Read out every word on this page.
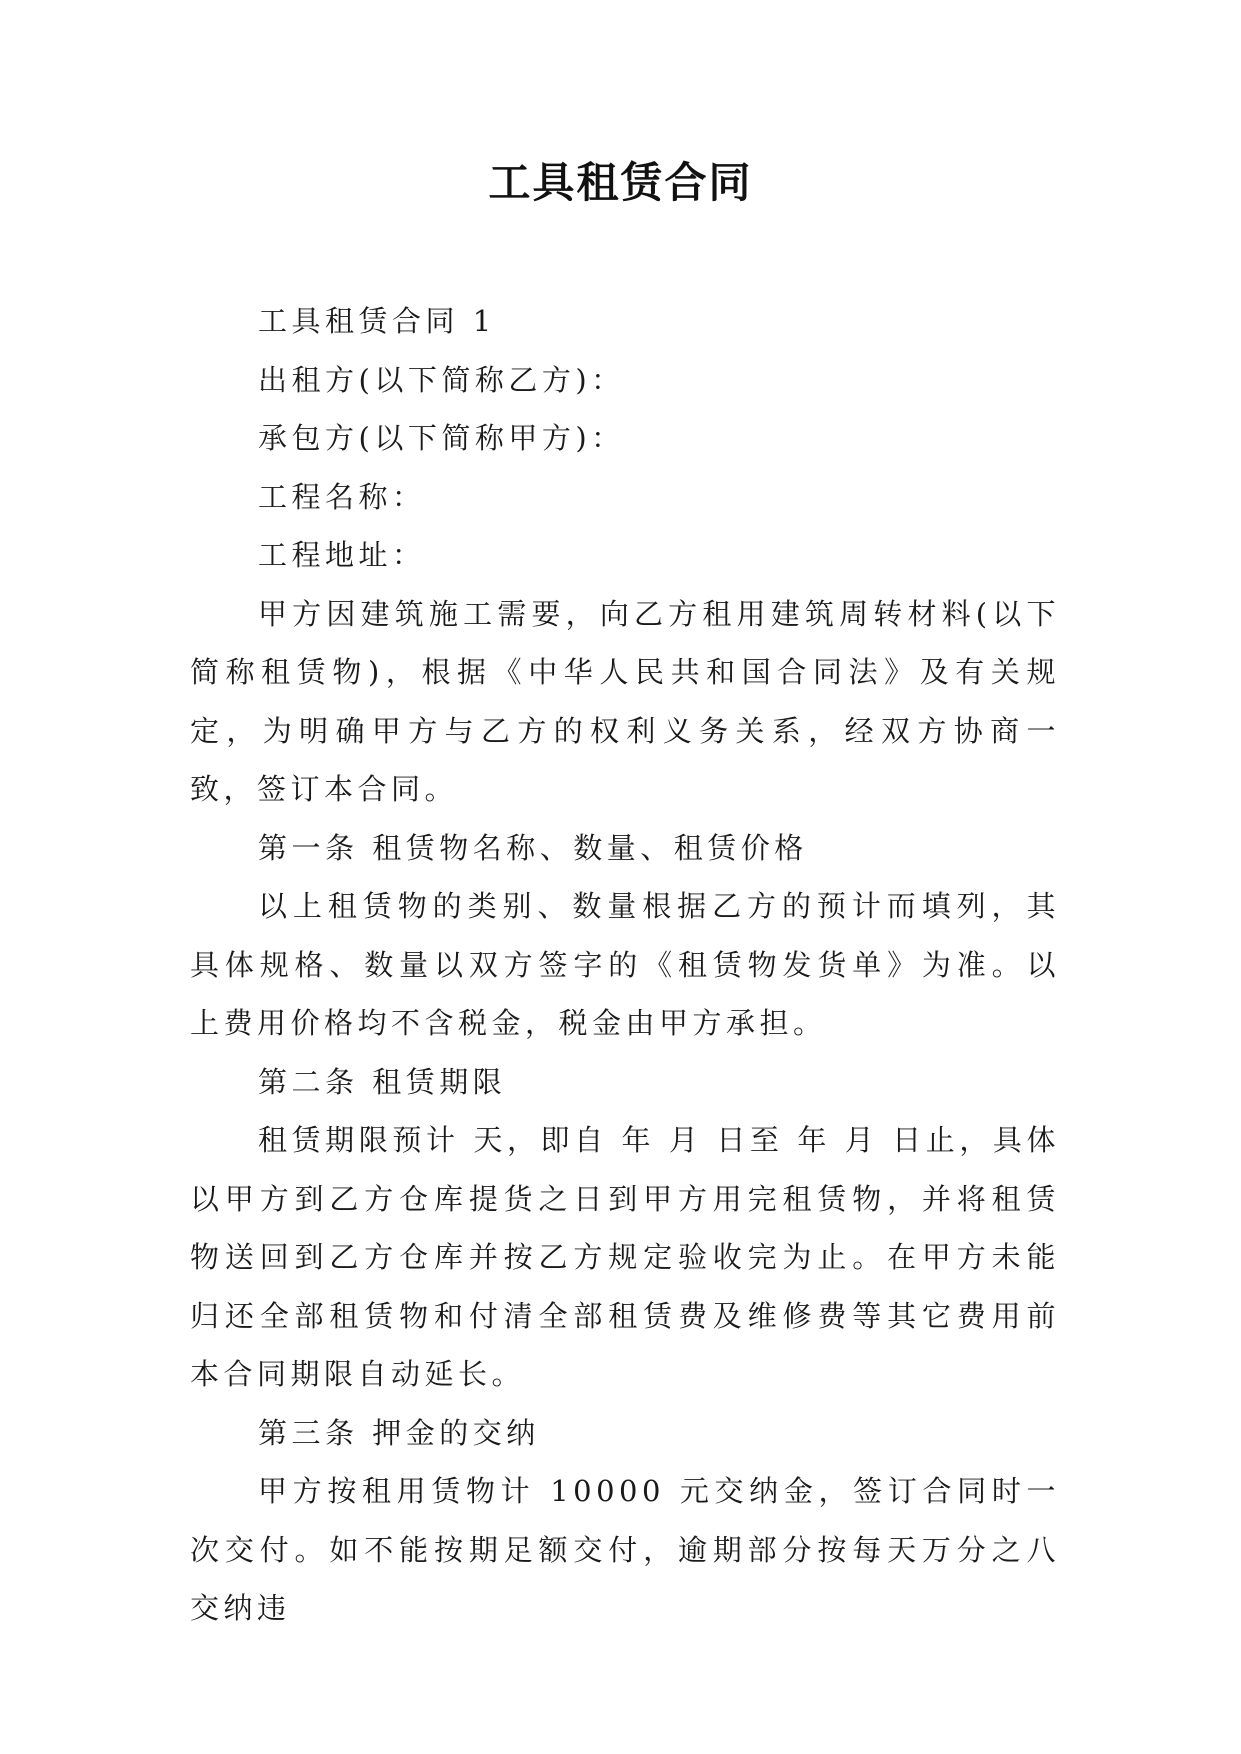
工具租赁合同

工具租赁合同 1

出租方(以下简称乙方)：

承包方(以下简称甲方)：

工程名称：

工程地址：

甲方因建筑施工需要，向乙方租用建筑周转材料(以下简称租赁物)，根据《中华人民共和国合同法》及有关规定，为明确甲方与乙方的权利义务关系，经双方协商一致，签订本合同。

第一条 租赁物名称、数量、租赁价格

以上租赁物的类别、数量根据乙方的预计而填列，其具体规格、数量以双方签字的《租赁物发货单》为准。以上费用价格均不含税金，税金由甲方承担。

第二条 租赁期限

租赁期限预计 天，即自 年 月 日至 年 月 日止，具体以甲方到乙方仓库提货之日到甲方用完租赁物，并将租赁物送回到乙方仓库并按乙方规定验收完为止。在甲方未能归还全部租赁物和付清全部租赁费及维修费等其它费用前本合同期限自动延长。

第三条 押金的交纳

甲方按租用赁物计 10000 元交纳金，签订合同时一次交付。如不能按期足额交付，逾期部分按每天万分之八交纳违
